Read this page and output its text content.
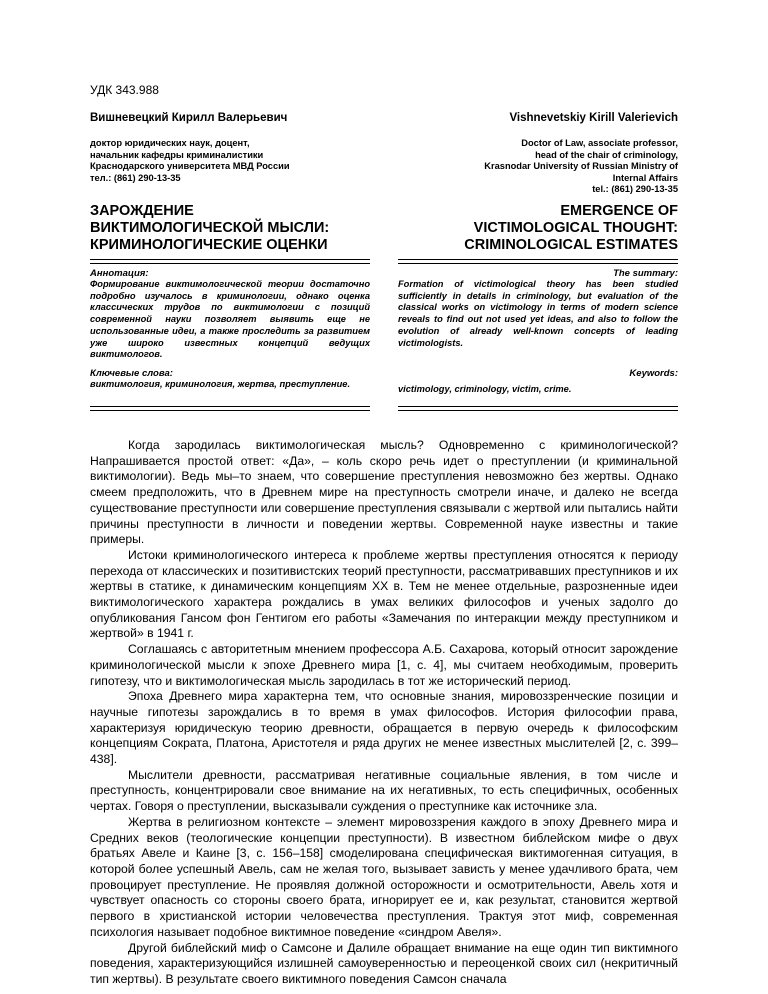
УДК 343.988
Вишневецкий Кирилл Валерьевич
доктор юридических наук, доцент,
начальник кафедры криминалистики
Краснодарского университета МВД России
тел.: (861) 290-13-35
Vishnevetskiy Kirill Valerievich
Doctor of Law, associate professor,
head of the chair of criminology,
Krasnodar University of Russian Ministry of
Internal Affairs
tel.: (861) 290-13-35
ЗАРОЖДЕНИЕ
ВИКТИМОЛОГИЧЕСКОЙ МЫСЛИ:
КРИМИНОЛОГИЧЕСКИЕ ОЦЕНКИ
EMERGENCE OF
VICTIMOLOGICAL THOUGHT:
CRIMINOLOGICAL ESTIMATES
Аннотация:
Формирование виктимологической теории достаточно подробно изучалось в криминологии, однако оценка классических трудов по виктимологии с позиций современной науки позволяет выявить еще не использованные идеи, а также проследить за развитием уже широко известных концепций ведущих виктимологов.
The summary:
Formation of victimological theory has been studied sufficiently in details in criminology, but evaluation of the classical works on victimology in terms of modern science reveals to find out not used yet ideas, and also to follow the evolution of already well-known concepts of leading victimologists.
Ключевые слова:
виктимология, криминология, жертва, преступление.
Keywords:
victimology, criminology, victim, crime.

Когда зародилась виктимологическая мысль? Одновременно с криминологической? Напрашивается простой ответ: «Да», – коль скоро речь идет о преступлении (и криминальной виктимологии). Ведь мы–то знаем, что совершение преступления невозможно без жертвы. Однако смеем предположить, что в Древнем мире на преступность смотрели иначе, и далеко не всегда существование преступности или совершение преступления связывали с жертвой или пытались найти причины преступности в личности и поведении жертвы. Современной науке известны и такие примеры.

Истоки криминологического интереса к проблеме жертвы преступления относятся к периоду перехода от классических и позитивистских теорий преступности, рассматривавших преступников и их жертвы в статике, к динамическим концепциям XX в. Тем не менее отдельные, разрозненные идеи виктимологического характера рождались в умах великих философов и ученых задолго до опубликования Гансом фон Гентигом его работы «Замечания по интеракции между преступником и жертвой» в 1941 г.

Соглашаясь с авторитетным мнением профессора А.Б. Сахарова, который относит зарождение криминологической мысли к эпохе Древнего мира [1, с. 4], мы считаем необходимым, проверить гипотезу, что и виктимологическая мысль зародилась в тот же исторический период.

Эпоха Древнего мира характерна тем, что основные знания, мировоззренческие позиции и научные гипотезы зарождались в то время в умах философов. История философии права, характеризуя юридическую теорию древности, обращается в первую очередь к философским концепциям Сократа, Платона, Аристотеля и ряда других не менее известных мыслителей [2, с. 399–438].

Мыслители древности, рассматривая негативные социальные явления, в том числе и преступность, концентрировали свое внимание на их негативных, то есть специфичных, особенных чертах. Говоря о преступлении, высказывали суждения о преступнике как источнике зла.

Жертва в религиозном контексте – элемент мировоззрения каждого в эпоху Древнего мира и Средних веков (теологические концепции преступности). В известном библейском мифе о двух братьях Авеле и Каине [3, с. 156–158] смоделирована специфическая виктимогенная ситуация, в которой более успешный Авель, сам не желая того, вызывает зависть у менее удачливого брата, чем провоцирует преступление. Не проявляя должной осторожности и осмотрительности, Авель хотя и чувствует опасность со стороны своего брата, игнорирует ее и, как результат, становится жертвой первого в христианской истории человечества преступления. Трактуя этот миф, современная психология называет подобное виктимное поведение «синдром Авеля».

Другой библейский миф о Самсоне и Далиле обращает внимание на еще один тип виктимного поведения, характеризующийся излишней самоуверенностью и переоценкой своих сил (некритичный тип жертвы). В результате своего виктимного поведения Самсон сначала
